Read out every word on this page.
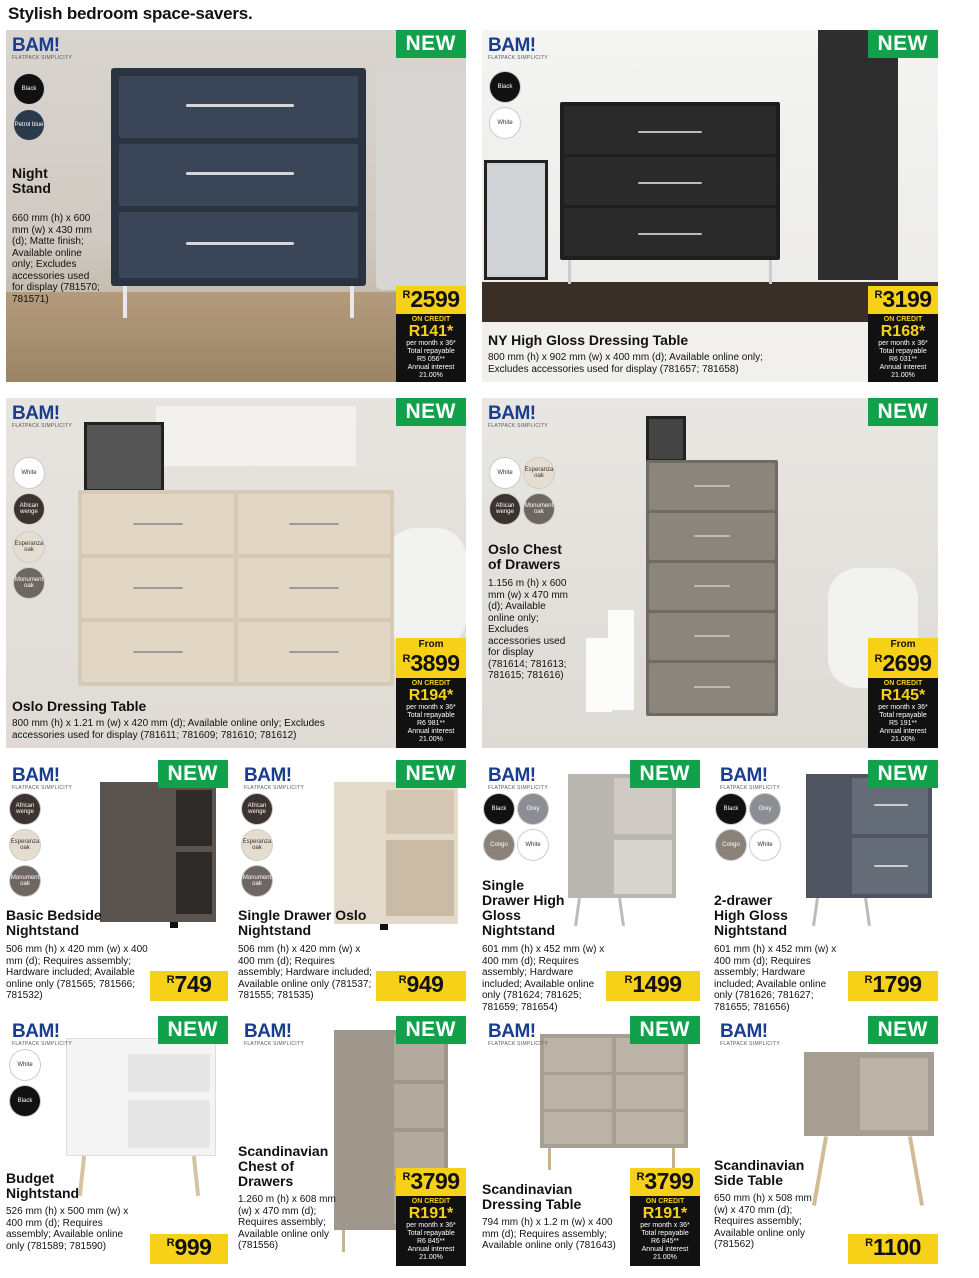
Stylish bedroom space-savers.
BAM!
FLATPACK SIMPLICITY
NEW
Black
Petrol blue
Night Stand
660 mm (h) x 600 mm (w) x 430 mm (d); Matte finish; Available online only; Excludes accessories used for display (781570; 781571)	$^R$2599
ON CREDIT
R141*
per month x 36*
Total repayable
R5 056**
Annual interest
21.00%
BAM!
FLATPACK SIMPLICITY
NEW
Black
White
NY High Gloss Dressing Table
800 mm (h) x 902 mm (w) x 400 mm (d); Available online only; Excludes accessories used for display (781657; 781658)
$^R$3199
ON CREDIT
R168*
per month x 36*
Total repayable
R6 031**
Annual interest
21.00%
BAM!
FLATPACK SIMPLICITY
NEW
White
African wenge
Esperanza oak
Monument oak
Oslo Dressing Table
800 mm (h) x 1.21 m (w) x 420 mm (d); Available online only; Excludes accessories used for display (781611; 781609; 781610; 781612)
From
$^R$3899
ON CREDIT
R194*
per month x 36*
Total repayable
R6 981**
Annual interest
21.00%
BAM!
FLATPACK SIMPLICITY
NEW
White	Esperanza oak
African wenge
Monument oak
Oslo Chest of Drawers
1.156 m (h) x 600 mm (w) x 470 mm (d); Available online only; Excludes accessories used for display (781614; 781613; 781615; 781616)
From
$^R$2699
ON CREDIT
R145*
per month x 36*
Total repayable
R5 191**
Annual interest
21.00%
BAM!
FLATPACK SIMPLICITY
NEW
African wenge
Esperanza oak
Monument oak
Basic Bedside Nightstand
506 mm (h) x 420 mm (w) x 400 mm (d); Requires assembly; Hardware included; Available online only (781565; 781566; 781532)
$^R$749
BAM!
FLATPACK SIMPLICITY
NEW
African wenge
Esperanza oak
Monument oak
Single Drawer Oslo Nightstand
506 mm (h) x 420 mm (w) x 400 mm (d); Requires assembly; Hardware included; Available online only (781537; 781555; 781535)
$^R$949
BAM!
FLATPACK SIMPLICITY
NEW
Black	Grey
Congo	White
Single Drawer High Gloss Nightstand
601 mm (h) x 452 mm (w) x 400 mm (d); Requires assembly; Hardware included; Available online only (781624; 781625; 781659; 781654)
$^R$1499
BAM!
FLATPACK SIMPLICITY
NEW
Black	Grey
Congo	White
2-drawer High Gloss Nightstand
601 mm (h) x 452 mm (w) x 400 mm (d); Requires assembly; Hardware included; Available online only (781626; 781627; 781655; 781656)
$^R$1799
BAM!
FLATPACK SIMPLICITY
NEW
White
Black
Budget Nightstand
526 mm (h) x 500 mm (w) x 400 mm (d); Requires assembly; Available online only (781589; 781590)	$^R$999
BAM!
FLATPACK SIMPLICITY
NEW
Scandinavian Chest of Drawers
1.260 m (h) x 608 mm (w) x 470 mm (d); Requires assembly; Available online only (781556)
$^R$3799
ON CREDIT
R191*
per month x 36*
Total repayable
R6 845**
Annual interest
21.00%
BAM!
FLATPACK SIMPLICITY
NEW
Scandinavian Dressing Table
794 mm (h) x 1.2 m (w) x 400 mm (d); Requires assembly; Available online only (781643)
$^R$3799
ON CREDIT
R191*
per month x 36*
Total repayable
R6 845**
Annual interest
21.00%
BAM!
FLATPACK SIMPLICITY
NEW
Scandinavian Side Table
650 mm (h) x 508 mm (w) x 470 mm (d); Requires assembly; Available online only (781562)	$^R$1100
